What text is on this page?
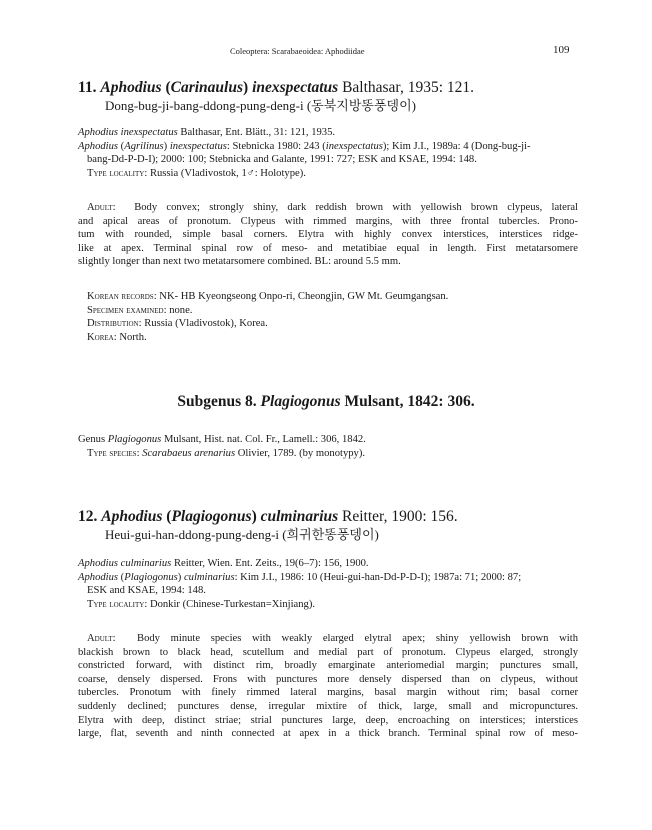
Coleoptera: Scarabaeoidea: Aphodiidae	109
11. Aphodius (Carinaulus) inexspectatus Balthasar, 1935: 121.
Dong-bug-ji-bang-ddong-pung-deng-i (동북지방똥풍뎅이)
Aphodius inexspectatus Balthasar, Ent. Blätt., 31: 121, 1935.
Aphodius (Agrilinus) inexspectatus: Stebnicka 1980: 243 (inexspectatus); Kim J.I., 1989a: 4 (Dong-bug-ji-
bang-Dd-P-D-I); 2000: 100; Stebnicka and Galante, 1991: 727; ESK and KSAE, 1994: 148.
Type locality: Russia (Vladivostok, 1♂: Holotype).
Adult: Body convex; strongly shiny, dark reddish brown with yellowish brown clypeus, lateral
and apical areas of pronotum. Clypeus with rimmed margins, with three frontal tubercles. Prono-
tum with rounded, simple basal corners. Elytra with highly convex interstices, interstices ridge-
like at apex. Terminal spinal row of meso- and metatibiae equal in length. First metatarsomere
slightly longer than next two metatarsomere combined. BL: around 5.5 mm.
Korean records: NK- HB Kyeongseong Onpo-ri, Cheongjin, GW Mt. Geumgangsan.
Specimen examined: none.
Distribution: Russia (Vladivostok), Korea.
Korea: North.
Subgenus 8. Plagiogonus Mulsant, 1842: 306.
Genus Plagiogonus Mulsant, Hist. nat. Col. Fr., Lamell.: 306, 1842.
Type species: Scarabaeus arenarius Olivier, 1789. (by monotypy).
12. Aphodius (Plagiogonus) culminarius Reitter, 1900: 156.
Heui-gui-han-ddong-pung-deng-i (희귀한똥풍뎅이)
Aphodius culminarius Reitter, Wien. Ent. Zeits., 19(6–7): 156, 1900.
Aphodius (Plagiogonus) culminarius: Kim J.I., 1986: 10 (Heui-gui-han-Dd-P-D-I); 1987a: 71; 2000: 87;
ESK and KSAE, 1994: 148.
Type locality: Donkir (Chinese-Turkestan=Xinjiang).
Adult: Body minute species with weakly elarged elytral apex; shiny yellowish brown with
blackish brown to black head, scutellum and medial part of pronotum. Clypeus elarged, strongly
constricted forward, with distinct rim, broadly emarginate anteriomedial margin; punctures small,
coarse, densely dispersed. Frons with punctures more densely dispersed than on clypeus, without
tubercles. Pronotum with finely rimmed lateral margins, basal margin without rim; basal corner
suddenly declined; punctures dense, irregular mixtire of thick, large, small and micropunctures.
Elytra with deep, distinct striae; strial punctures large, deep, encroaching on interstices; interstices
large, flat, seventh and ninth connected at apex in a thick branch. Terminal spinal row of meso-
